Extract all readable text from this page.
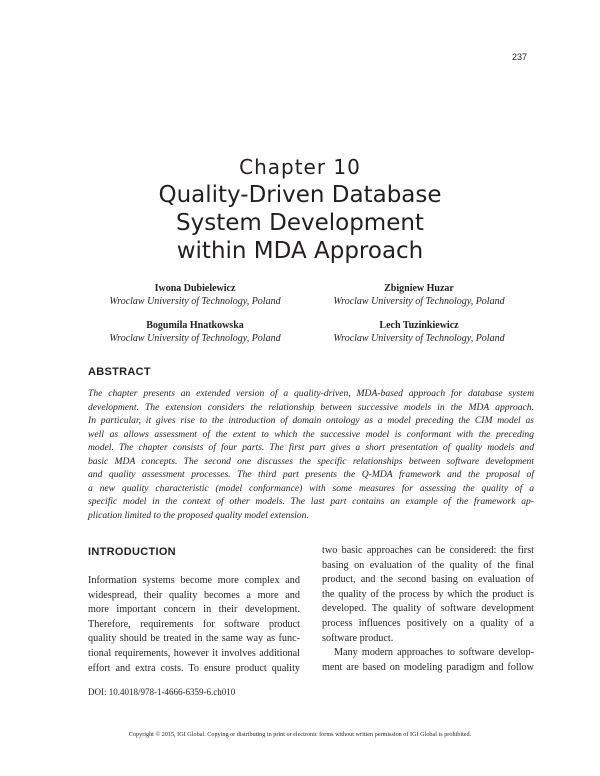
237
Chapter 10
Quality-Driven Database
System Development
within MDA Approach
Iwona Dubielewicz
Wroclaw University of Technology, Poland
Zbigniew Huzar
Wroclaw University of Technology, Poland
Bogumila Hnatkowska
Wroclaw University of Technology, Poland
Lech Tuzinkiewicz
Wroclaw University of Technology, Poland
ABSTRACT
The chapter presents an extended version of a quality-driven, MDA-based approach for database system
development. The extension considers the relationship between successive models in the MDA approach.
In particular, it gives rise to the introduction of domain ontology as a model preceding the CIM model as
well as allows assessment of the extent to which the successive model is conformant with the preceding
model. The chapter consists of four parts. The first part gives a short presentation of quality models and
basic MDA concepts. The second one discusses the specific relationships between software development
and quality assessment processes. The third part presents the Q-MDA framework and the proposal of
a new quality characteristic (model conformance) with some measures for assessing the quality of a
specific model in the context of other models. The last part contains an example of the framework ap-
plication limited to the proposed quality model extension.
INTRODUCTION
Information systems become more complex and
widespread, their quality becomes a more and
more important concern in their development.
Therefore, requirements for software product
quality should be treated in the same way as func-
tional requirements, however it involves additional
effort and extra costs. To ensure product quality
two basic approaches can be considered: the first
basing on evaluation of the quality of the final
product, and the second basing on evaluation of
the quality of the process by which the product is
developed. The quality of software development
process influences positively on a quality of a
software product.
Many modern approaches to software develop-
ment are based on modeling paradigm and follow
DOI: 10.4018/978-1-4666-6359-6.ch010
Copyright © 2015, IGI Global. Copying or distributing in print or electronic forms without written permission of IGI Global is prohibited.
